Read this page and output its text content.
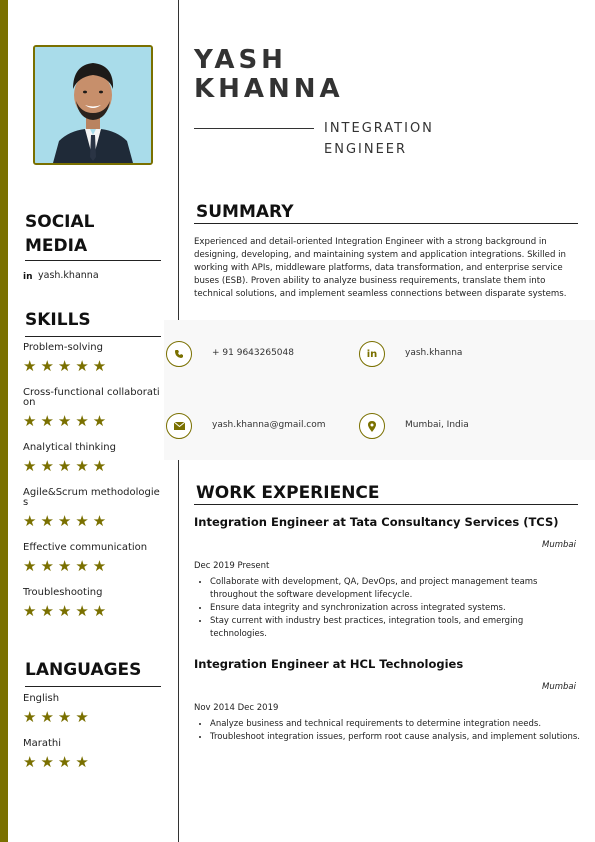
YASH
KHANNA
INTEGRATION
ENGINEER
SOCIAL
MEDIA
in yash.khanna
SKILLS
Problem-solving
★★★★★
Cross-functional collaboration
★★★★★
Analytical thinking
★★★★★
Agile&Scrum methodologies
★★★★★
Effective communication
★★★★★
Troubleshooting
★★★★★
LANGUAGES
English
★★★★
Marathi
★★★★
SUMMARY
Experienced and detail-oriented Integration Engineer with a strong background in designing, developing, and maintaining system and application integrations. Skilled in working with APIs, middleware platforms, data transformation, and enterprise service buses (ESB). Proven ability to analyze business requirements, translate them into technical solutions, and implement seamless connections between disparate systems.
+ 91 9643265048	in	yash.khanna
yash.khanna@gmail.com	Mumbai, India
WORK EXPERIENCE
Integration Engineer at Tata Consultancy Services (TCS)
Mumbai
Dec 2019 Present
• Collaborate with development, QA, DevOps, and project management teams throughout the software development lifecycle.
• Ensure data integrity and synchronization across integrated systems.
• Stay current with industry best practices, integration tools, and emerging technologies.
Integration Engineer at HCL Technologies
Mumbai
Nov 2014 Dec 2019
• Analyze business and technical requirements to determine integration needs.
• Troubleshoot integration issues, perform root cause analysis, and implement solutions.
